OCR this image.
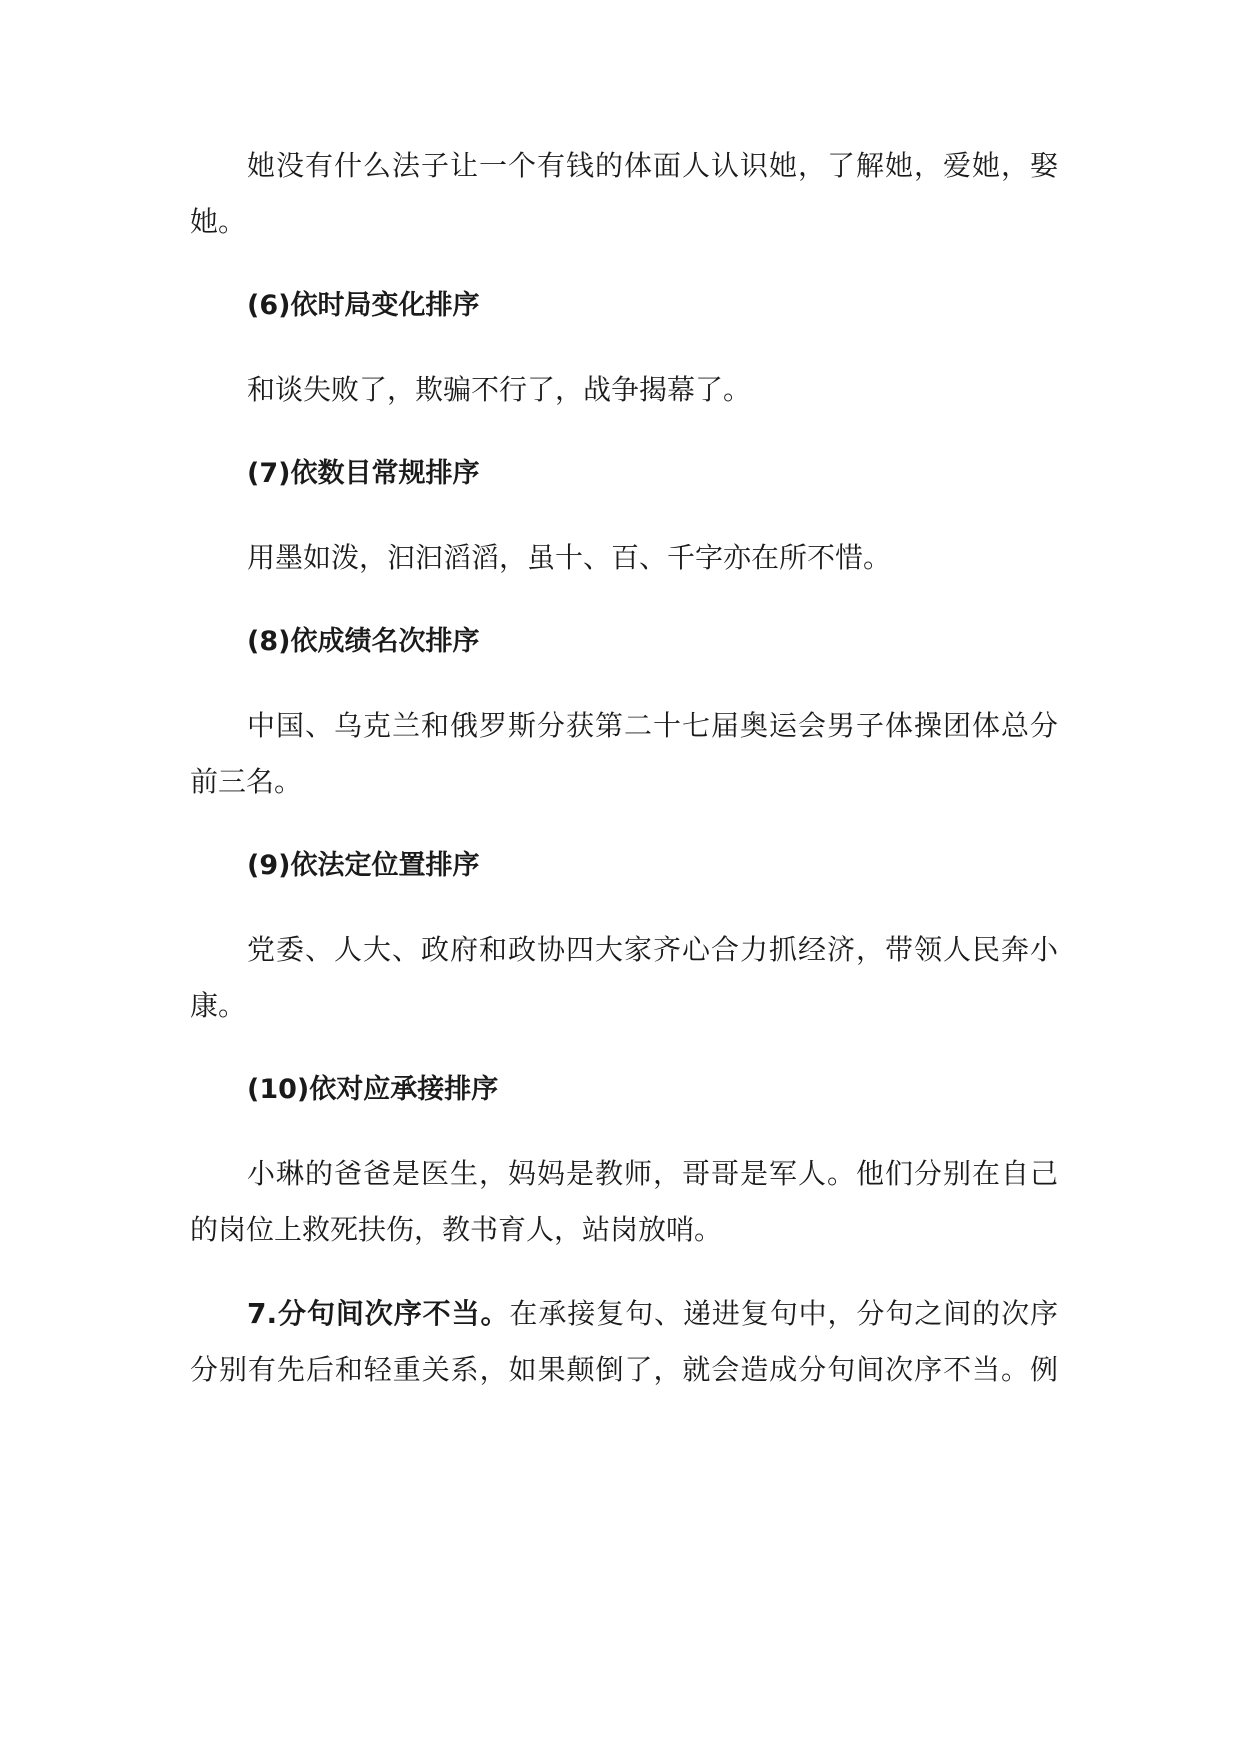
她没有什么法子让一个有钱的体面人认识她，了解她，爱她，娶
她。
(6)依时局变化排序
和谈失败了，欺骗不行了，战争揭幕了。
(7)依数目常规排序
用墨如泼，汩汩滔滔，虽十、百、千字亦在所不惜。
(8)依成绩名次排序
中国、乌克兰和俄罗斯分获第二十七届奥运会男子体操团体总分
前三名。
(9)依法定位置排序
党委、人大、政府和政协四大家齐心合力抓经济，带领人民奔小
康。
(10)依对应承接排序
小琳的爸爸是医生，妈妈是教师，哥哥是军人。他们分别在自己
的岗位上救死扶伤，教书育人，站岗放哨。
7.分句间次序不当。在承接复句、递进复句中，分句之间的次序
分别有先后和轻重关系，如果颠倒了，就会造成分句间次序不当。例
